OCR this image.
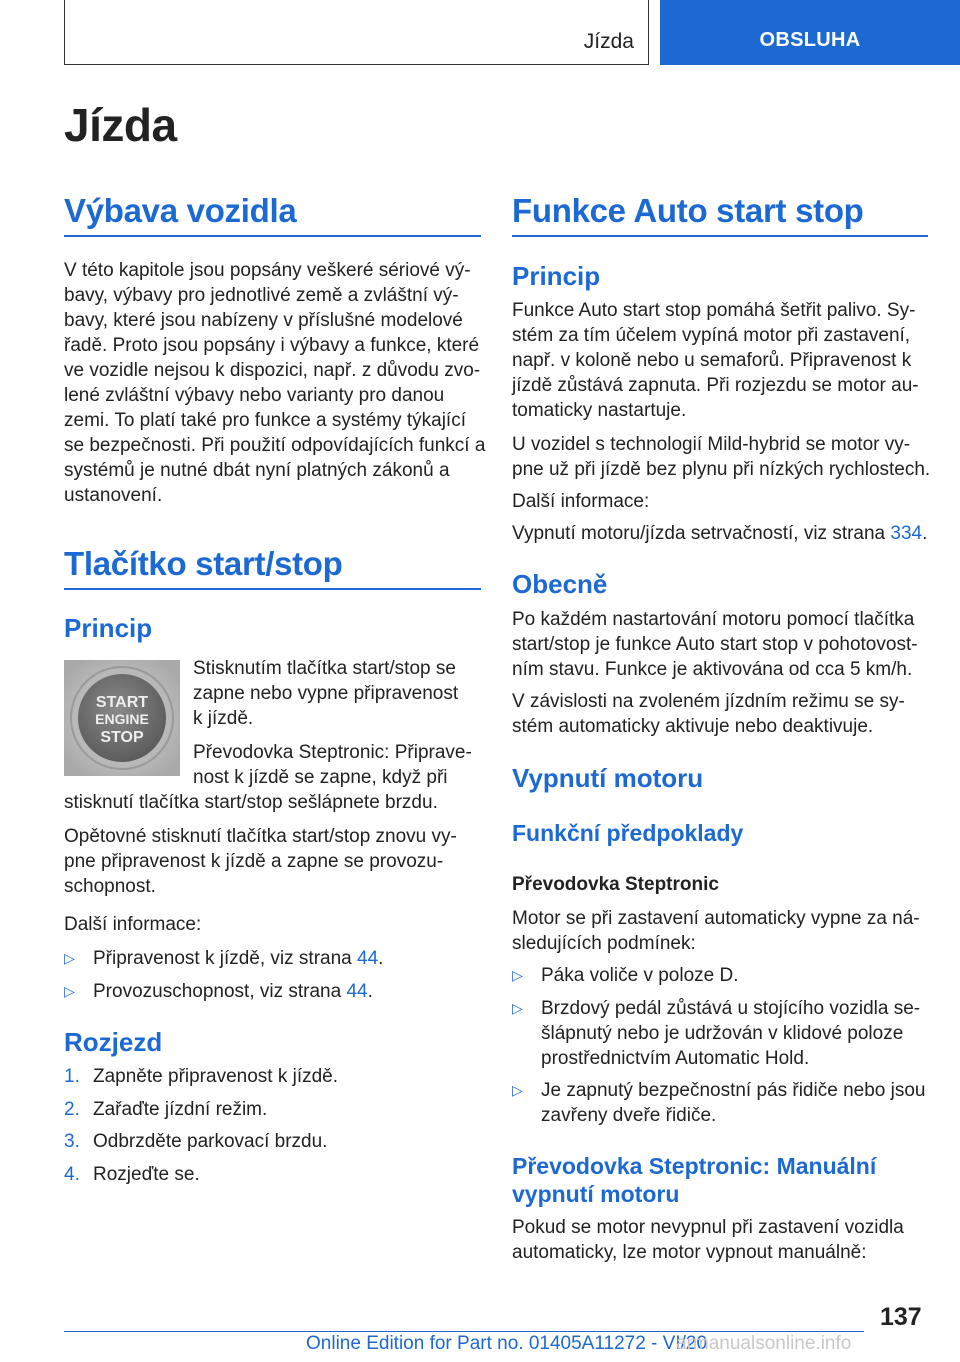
Jízda	OBSLUHA
Jízda
Výbava vozidla
V této kapitole jsou popsány veškeré sériové vý-
bavy, výbavy pro jednotlivé země a zvláštní vý-
bavy, které jsou nabízeny v příslušné modelové
řadě. Proto jsou popsány i výbavy a funkce, které
ve vozidle nejsou k dispozici, např. z důvodu zvo-
lené zvláštní výbavy nebo varianty pro danou
zemi. To platí také pro funkce a systémy týkající
se bezpečnosti. Při použití odpovídajících funkcí a
systémů je nutné dbát nyní platných zákonů a
ustanovení.
Tlačítko start/stop
Princip
START
ENGINE
STOP
Stisknutím tlačítka start/stop se
zapne nebo vypne připravenost
k jízdě.
Převodovka Steptronic: Připrave-
nost k jízdě se zapne, když při
stisknutí tlačítka start/stop sešlápnete brzdu.
Opětovné stisknutí tlačítka start/stop znovu vy-
pne připravenost k jízdě a zapne se provozu-
schopnost.
Další informace:
▷ Připravenost k jízdě, viz strana 44.
▷ Provozuschopnost, viz strana 44.
Rozjezd
1. Zapněte připravenost k jízdě.
2. Zařaďte jízdní režim.
3. Odbrzděte parkovací brzdu.
4. Rozjeďte se.
Funkce Auto start stop
Princip
Funkce Auto start stop pomáhá šetřit palivo. Sy-
stém za tím účelem vypíná motor při zastavení,
např. v koloně nebo u semaforů. Připravenost k
jízdě zůstává zapnuta. Při rozjezdu se motor au-
tomaticky nastartuje.
U vozidel s technologií Mild-hybrid se motor vy-
pne už při jízdě bez plynu při nízkých rychlostech.
Další informace:
Vypnutí motoru/jízda setrvačností, viz strana 334.
Obecně
Po každém nastartování motoru pomocí tlačítka
start/stop je funkce Auto start stop v pohotovost-
ním stavu. Funkce je aktivována od cca 5 km/h.
V závislosti na zvoleném jízdním režimu se sy-
stém automaticky aktivuje nebo deaktivuje.
Vypnutí motoru
Funkční předpoklady
Převodovka Steptronic
Motor se při zastavení automaticky vypne za ná-
sledujících podmínek:
▷ Páka voliče v poloze D.
▷ Brzdový pedál zůstává u stojícího vozidla se-
šlápnutý nebo je udržován v klidové poloze
prostřednictvím Automatic Hold.
▷ Je zapnutý bezpečnostní pás řidiče nebo jsou
zavřeny dveře řidiče.
Převodovka Steptronic: Manuální
vypnutí motoru
Pokud se motor nevypnul při zastavení vozidla
automaticky, lze motor vypnout manuálně:
137
Online Edition for Part no. 01405A11272 - VI/20
armanualsonline.info
